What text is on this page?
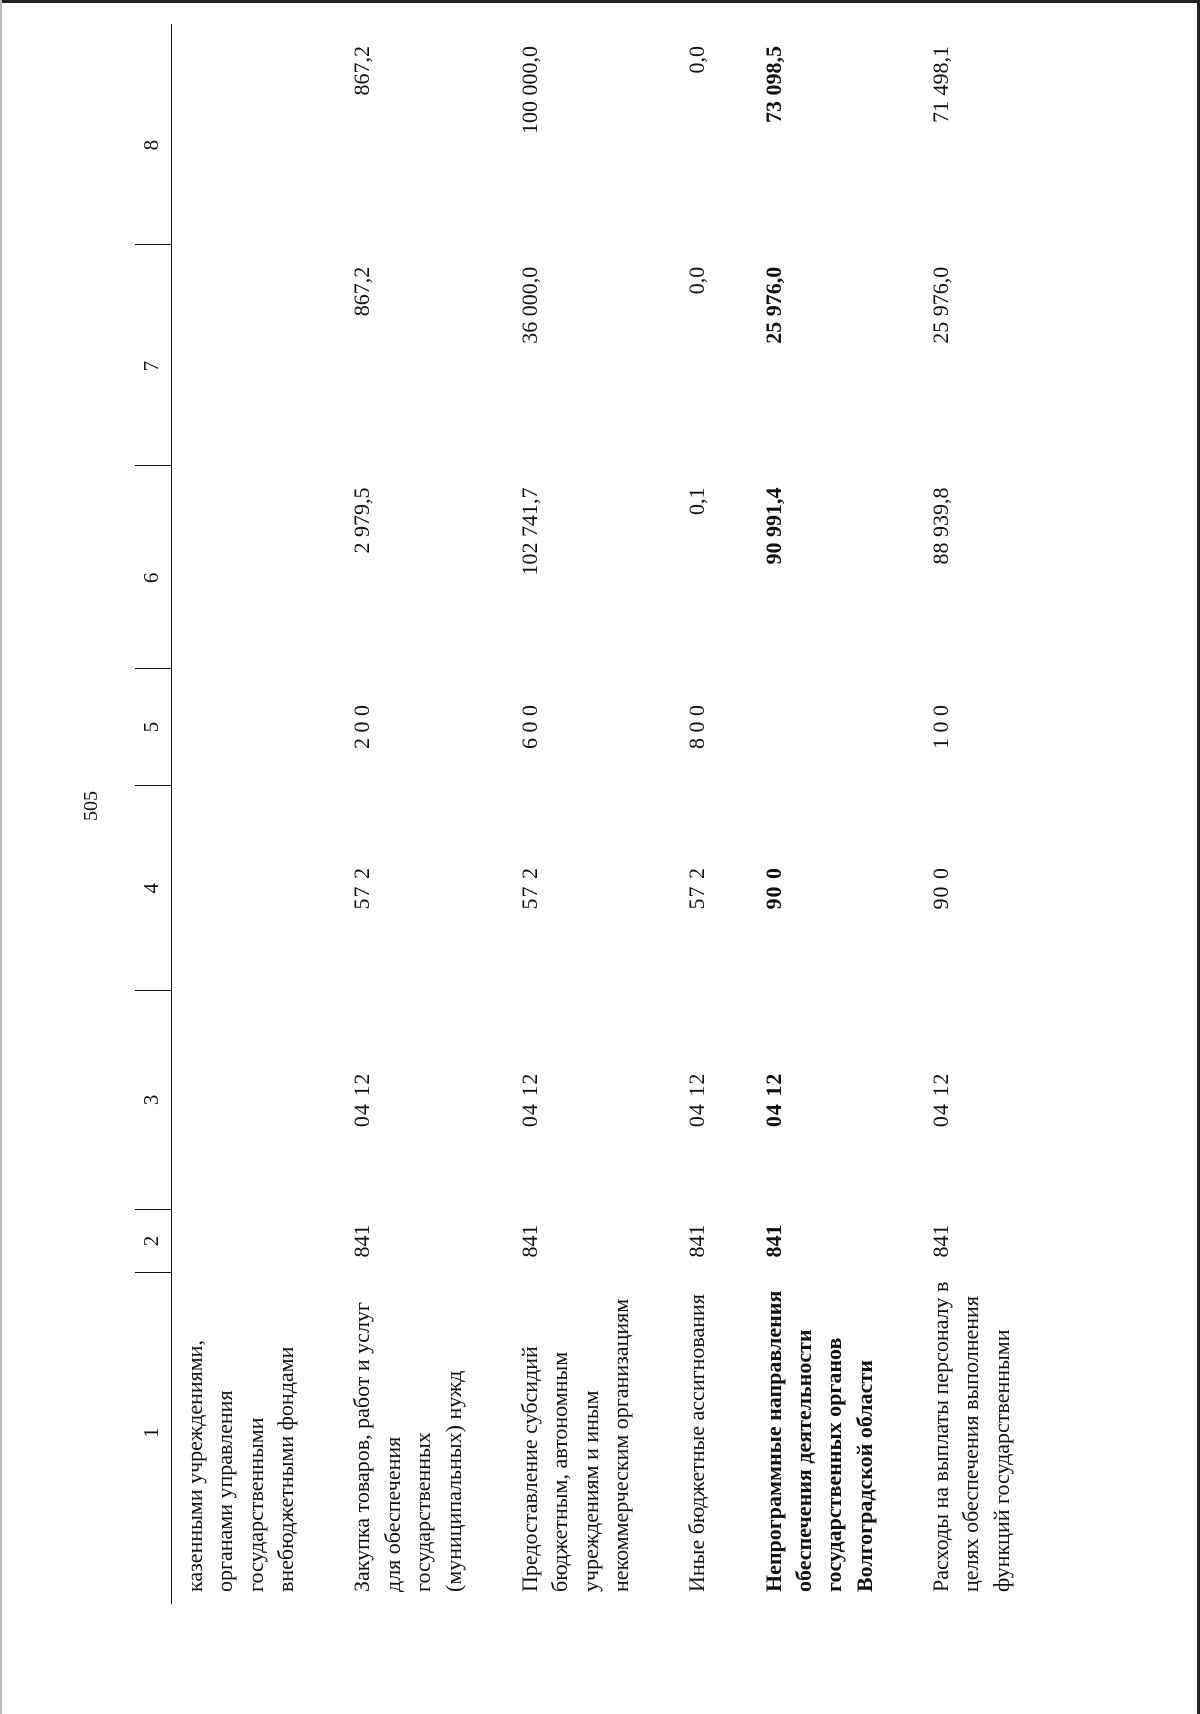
505
1	2	3	4	5	6	7	8
казенными учреждениями, органами управления государственными внебюджетными фондами							
Закупка товаров, работ и услуг для обеспечения государственных (муниципальных) нужд	841	04 12	57 2	2 0 0	2 979,5	867,2	867,2
Предоставление субсидий бюджетным, автономным учреждениям и иным некоммерческим организациям	841	04 12	57 2	6 0 0	102 741,7	36 000,0	100 000,0
Иные бюджетные ассигнования	841	04 12	57 2	8 0 0	0,1	0,0	0,0
Непрограммные направления обеспечения деятельности государственных органов Волгоградской области	841	04 12	90 0		90 991,4	25 976,0	73 098,5
Расходы на выплаты персоналу в целях обеспечения выполнения функций государственными	841	04 12	90 0	1 0 0	88 939,8	25 976,0	71 498,1
